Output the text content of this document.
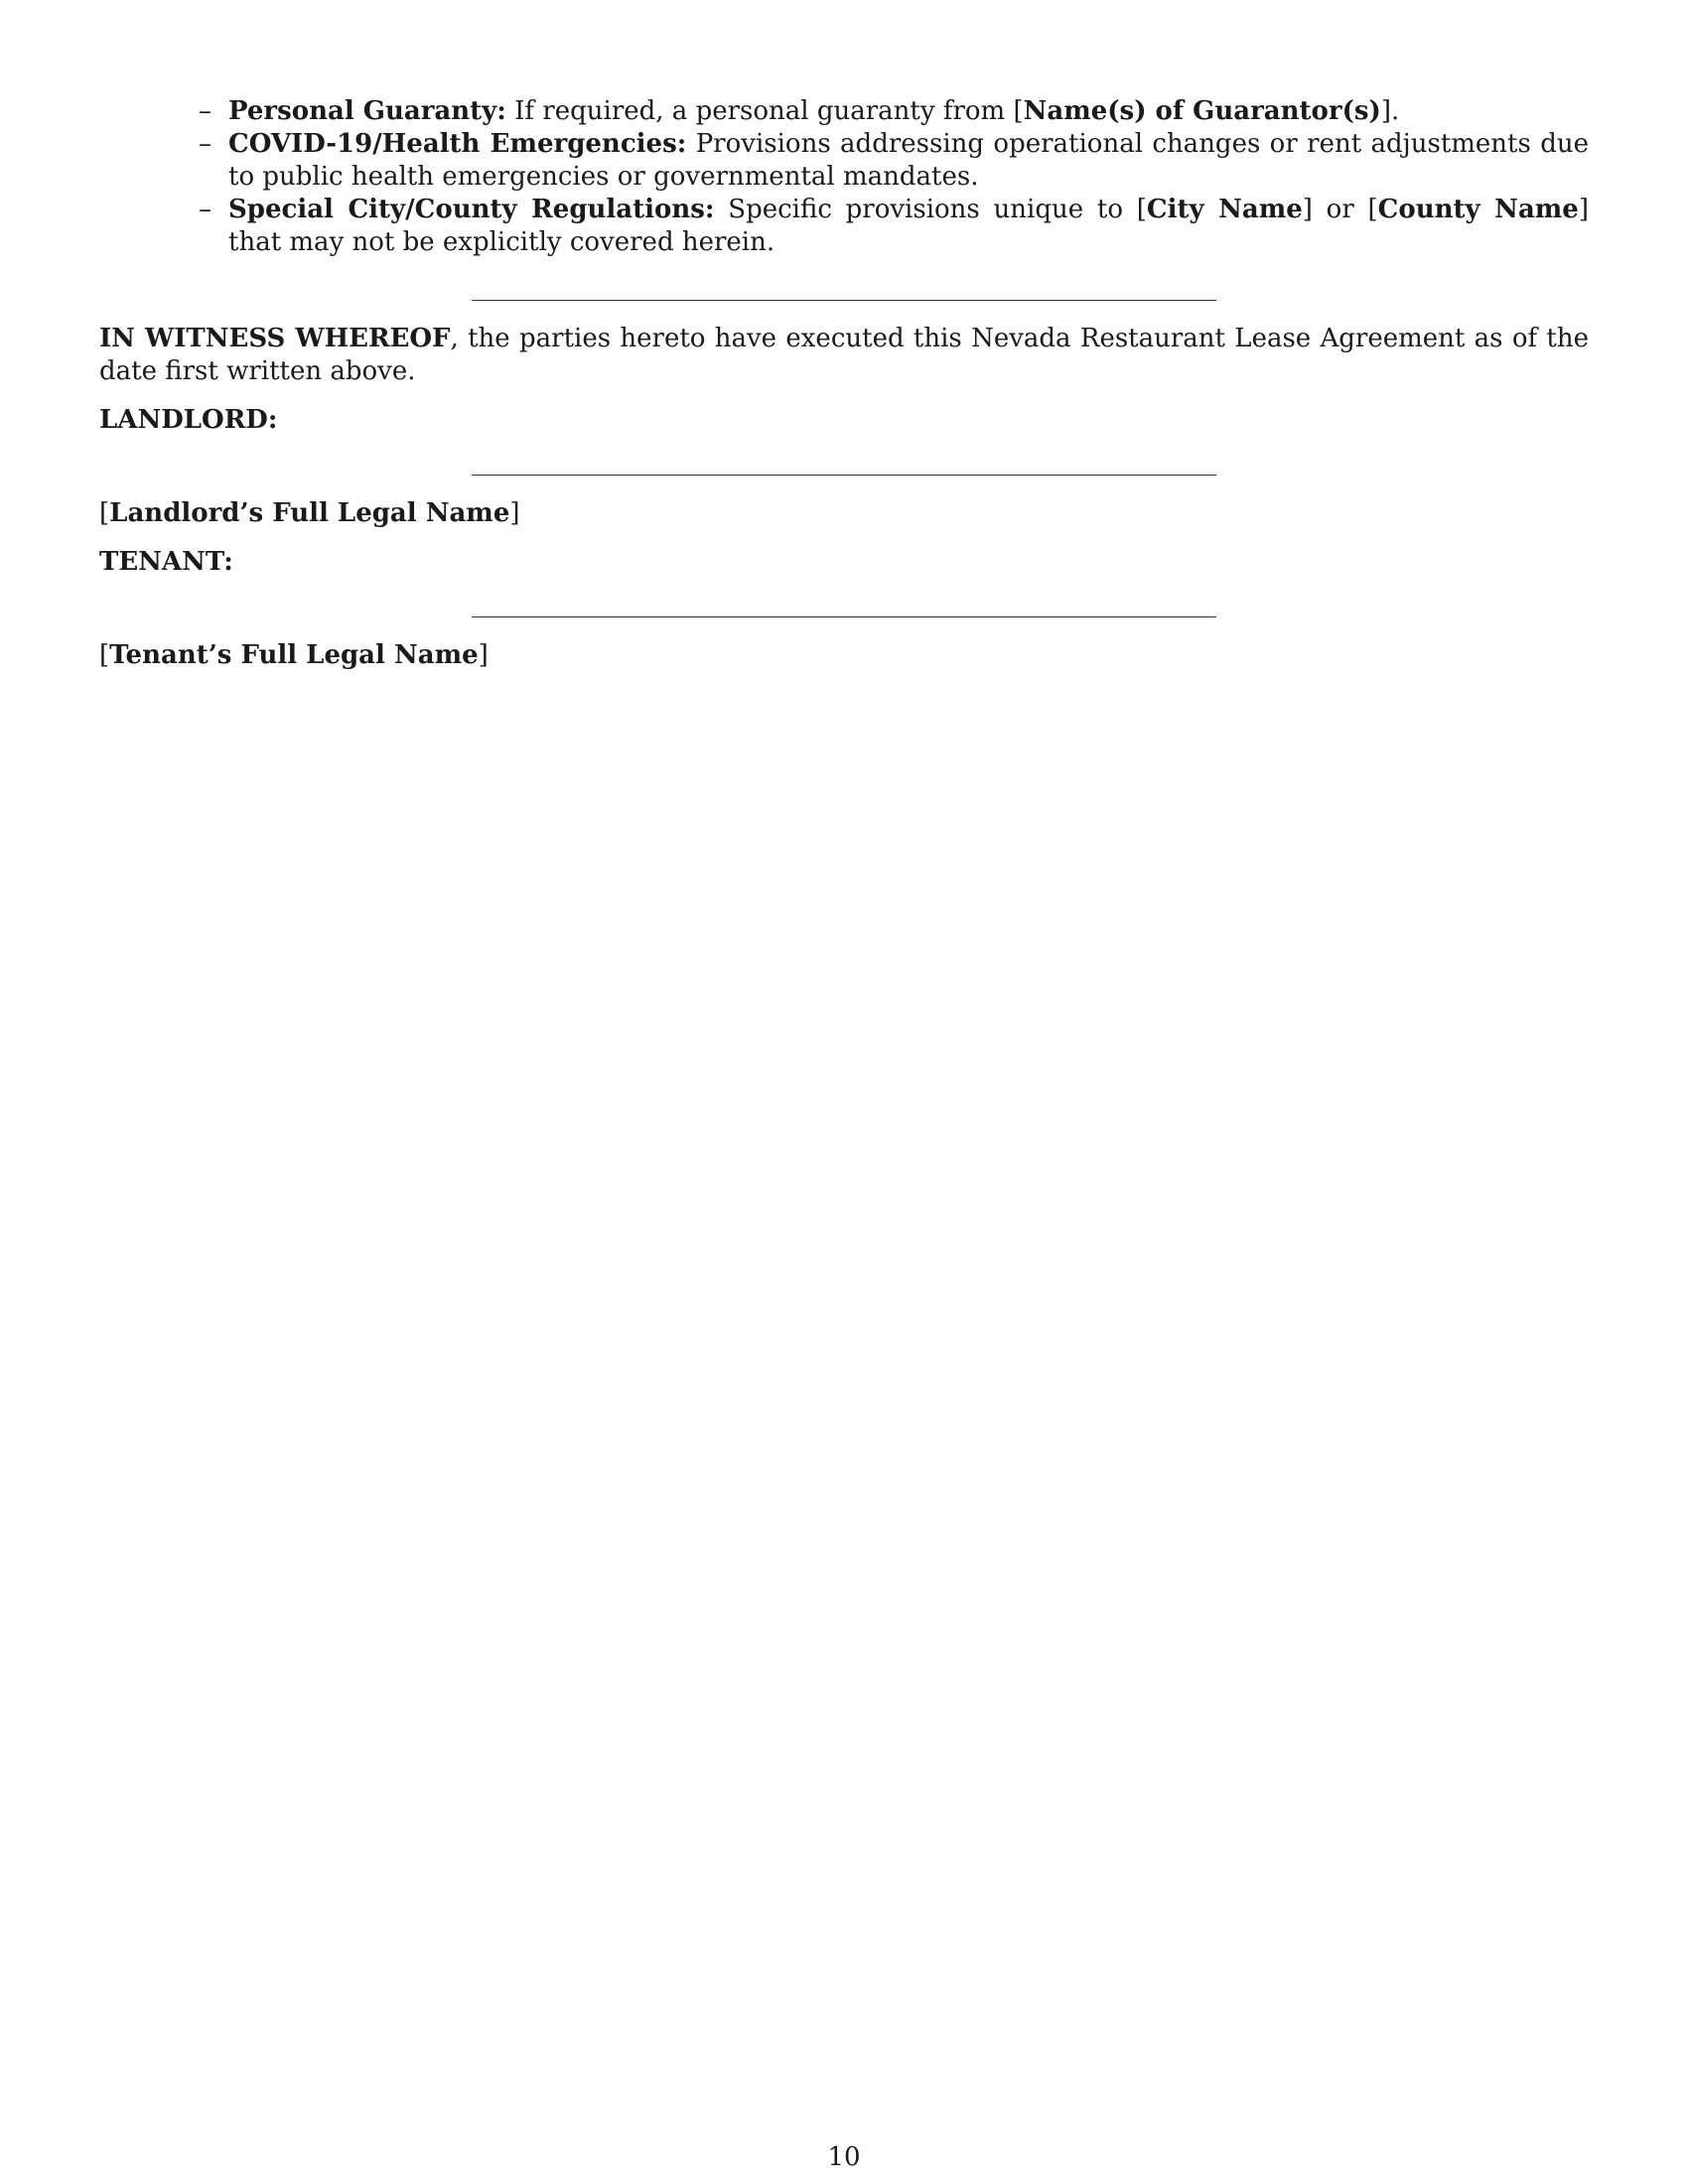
– Personal Guaranty: If required, a personal guaranty from [Name(s) of Guarantor(s)].
– COVID-19/Health Emergencies: Provisions addressing operational changes or rent adjustments due to public health emergencies or governmental mandates.
– Special City/County Regulations: Specific provisions unique to [City Name] or [County Name] that may not be explicitly covered herein.

IN WITNESS WHEREOF, the parties hereto have executed this Nevada Restaurant Lease Agreement as of the date first written above.

LANDLORD:
[Landlord’s Full Legal Name]
TENANT:
[Tenant’s Full Legal Name]
10
